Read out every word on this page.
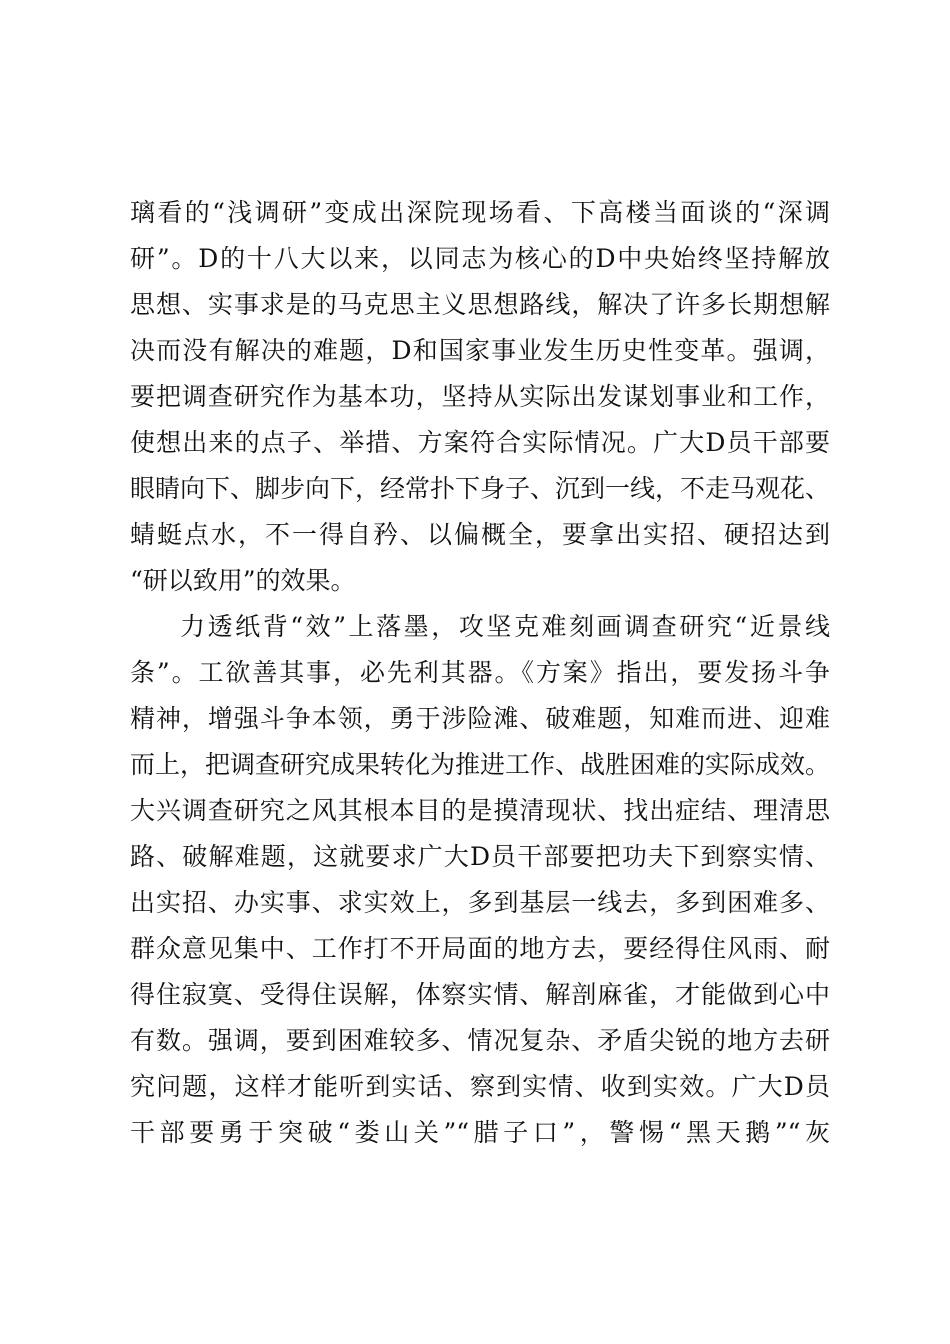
璃看的“浅调研”变成出深院现场看、下高楼当面谈的“深调
研”。D的十八大以来，以同志为核心的D中央始终坚持解放
思想、实事求是的马克思主义思想路线，解决了许多长期想解
决而没有解决的难题，D和国家事业发生历史性变革。强调，
要把调查研究作为基本功，坚持从实际出发谋划事业和工作，
使想出来的点子、举措、方案符合实际情况。广大D员干部要
眼睛向下、脚步向下，经常扑下身子、沉到一线，不走马观花、
蜻蜓点水，不一得自矜、以偏概全，要拿出实招、硬招达到
“研以致用”的效果。
力透纸背“效”上落墨，攻坚克难刻画调查研究“近景线
条”。工欲善其事，必先利其器。《方案》指出，要发扬斗争
精神，增强斗争本领，勇于涉险滩、破难题，知难而进、迎难
而上，把调查研究成果转化为推进工作、战胜困难的实际成效。
大兴调查研究之风其根本目的是摸清现状、找出症结、理清思
路、破解难题，这就要求广大D员干部要把功夫下到察实情、
出实招、办实事、求实效上，多到基层一线去，多到困难多、
群众意见集中、工作打不开局面的地方去，要经得住风雨、耐
得住寂寞、受得住误解，体察实情、解剖麻雀，才能做到心中
有数。强调，要到困难较多、情况复杂、矛盾尖锐的地方去研
究问题，这样才能听到实话、察到实情、收到实效。广大D员
干部要勇于突破“娄山关”“腊子口”，警惕“黑天鹅”“灰
